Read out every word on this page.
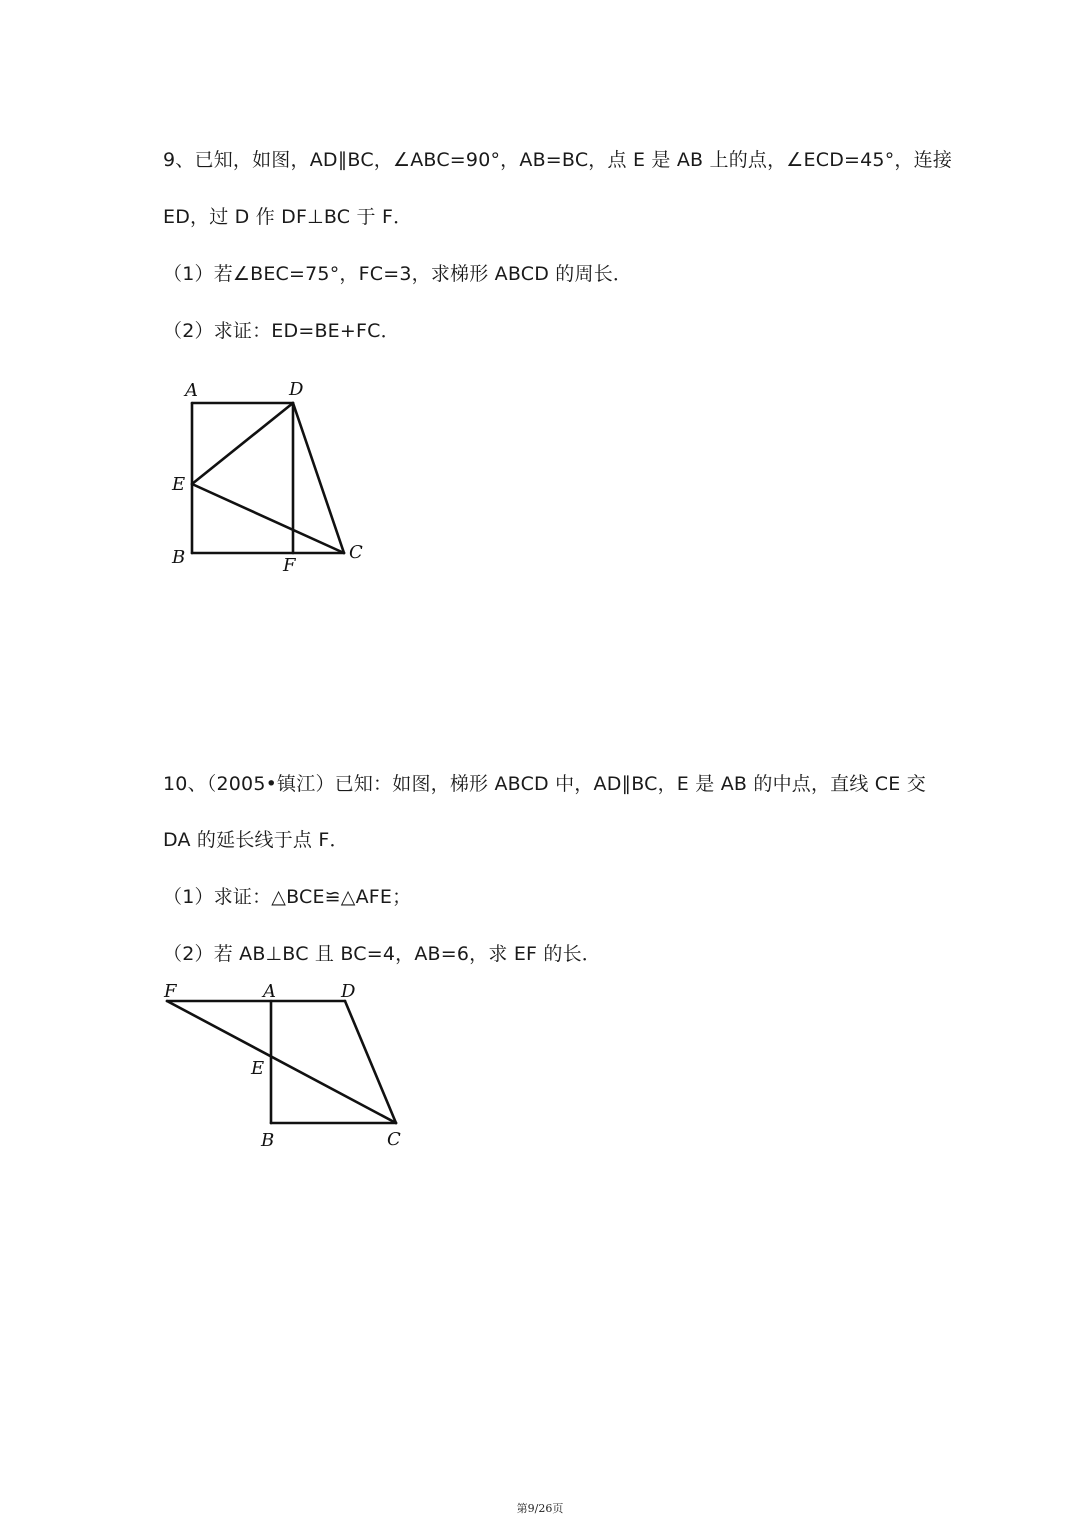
9、已知，如图，AD∥BC，∠ABC=90°，AB=BC，点 E 是 AB 上的点，∠ECD=45°，连接

ED，过 D 作 DF⊥BC 于 F．

（1）若∠BEC=75°，FC=3，求梯形 ABCD 的周长．

（2）求证：ED=BE+FC．

A	D
E
B	F
C

10、（2005•镇江）已知：如图，梯形 ABCD 中，AD∥BC，E 是 AB 的中点，直线 CE 交

DA 的延长线于点 F．

（1）求证：△BCE≌△AFE；

（2）若 AB⊥BC 且 BC=4，AB=6，求 EF 的长．

F	A	D
E
B	C
第9/26页
